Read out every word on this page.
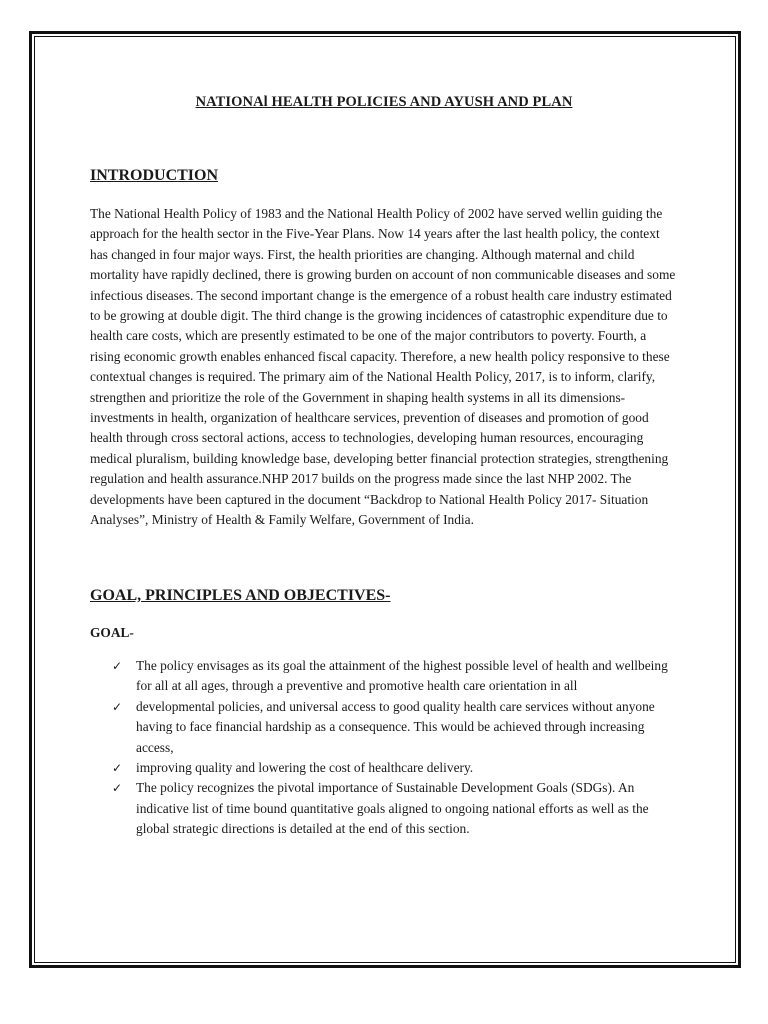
NATIONAl HEALTH POLICIES AND AYUSH AND PLAN
INTRODUCTION

The National Health Policy of 1983 and the National Health Policy of 2002 have served wellin guiding the approach for the health sector in the Five-Year Plans. Now 14 years after the last health policy, the context has changed in four major ways. First, the health priorities are changing. Although maternal and child mortality have rapidly declined, there is growing burden on account of non communicable diseases and some infectious diseases. The second important change is the emergence of a robust health care industry estimated to be growing at double digit. The third change is the growing incidences of catastrophic expenditure due to health care costs, which are presently estimated to be one of the major contributors to poverty. Fourth, a rising economic growth enables enhanced fiscal capacity. Therefore, a new health policy responsive to these contextual changes is required. The primary aim of the National Health Policy, 2017, is to inform, clarify, strengthen and prioritize the role of the Government in shaping health systems in all its dimensions- investments in health, organization of healthcare services, prevention of diseases and promotion of good health through cross sectoral actions, access to technologies, developing human resources, encouraging medical pluralism, building knowledge base, developing better financial protection strategies, strengthening regulation and health assurance.NHP 2017 builds on the progress made since the last NHP 2002. The developments have been captured in the document “Backdrop to National Health Policy 2017- Situation Analyses”, Ministry of Health & Family Welfare, Government of India.

GOAL, PRINCIPLES AND OBJECTIVES-
GOAL-
✓	The policy envisages as its goal the attainment of the highest possible level of health and wellbeing for all at all ages, through a preventive and promotive health care orientation in all
✓	developmental policies, and universal access to good quality health care services without anyone having to face financial hardship as a consequence. This would be achieved through increasing access,
✓	improving quality and lowering the cost of healthcare delivery.
✓	The policy recognizes the pivotal importance of Sustainable Development Goals (SDGs). An indicative list of time bound quantitative goals aligned to ongoing national efforts as well as the global strategic directions is detailed at the end of this section.
